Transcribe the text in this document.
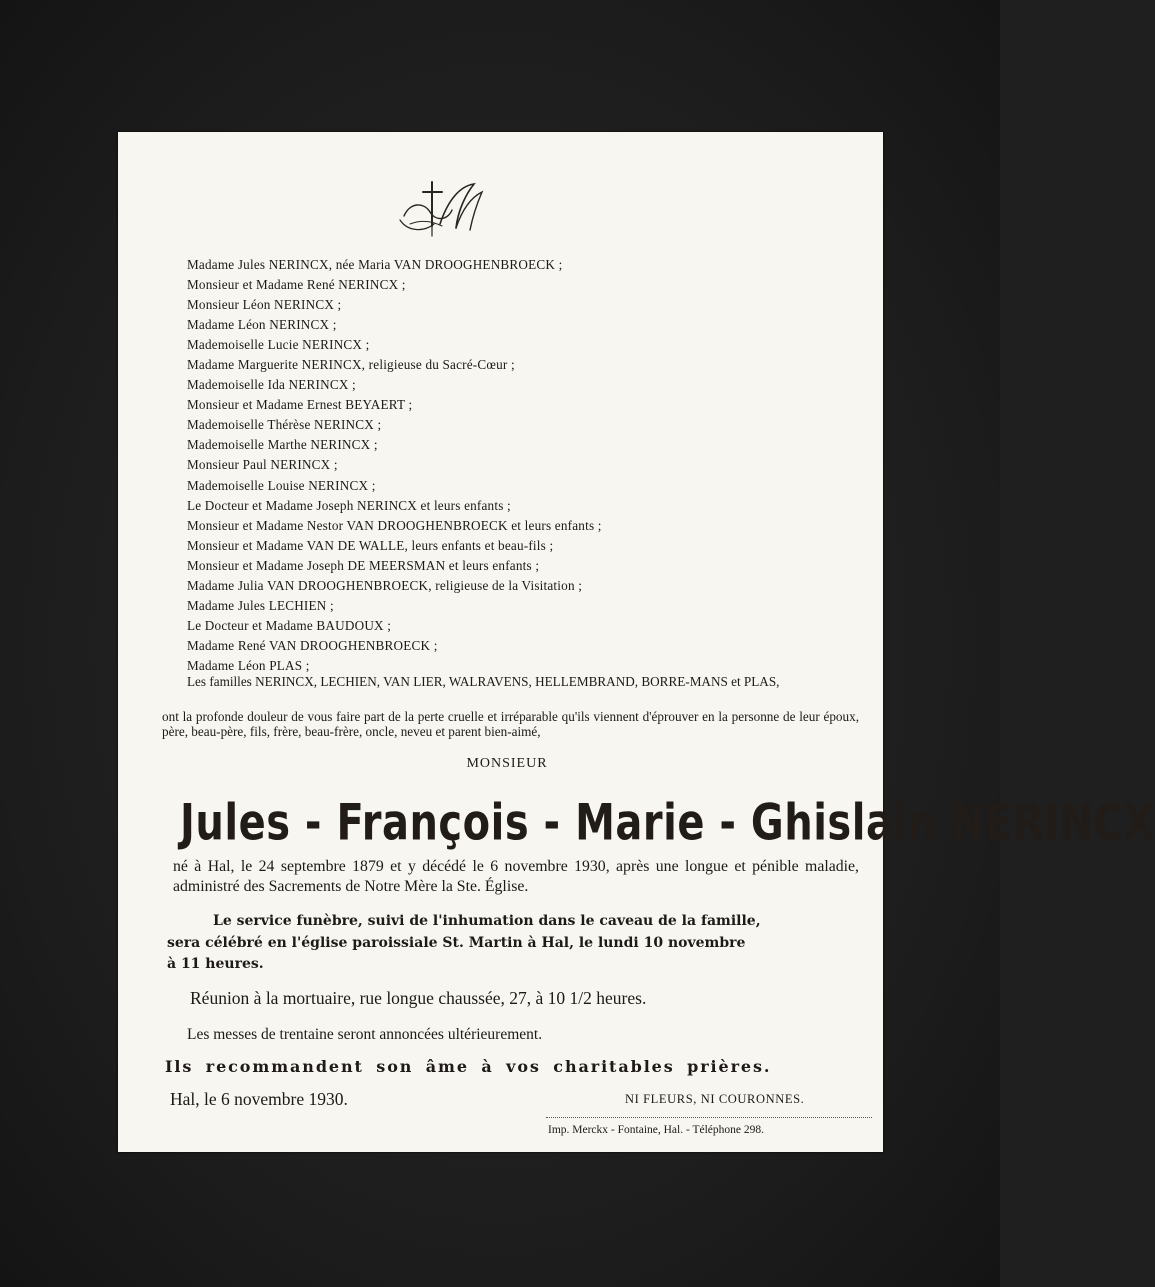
Madame Jules NERINCX, née Maria VAN DROOGHENBROECK ;
Monsieur et Madame René NERINCX ;
Monsieur Léon NERINCX ;
Madame Léon NERINCX ;
Mademoiselle Lucie NERINCX ;
Madame Marguerite NERINCX, religieuse du Sacré-Cœur ;
Mademoiselle Ida NERINCX ;
Monsieur et Madame Ernest BEYAERT ;
Mademoiselle Thérèse NERINCX ;
Mademoiselle Marthe NERINCX ;
Monsieur Paul NERINCX ;
Mademoiselle Louise NERINCX ;
Le Docteur et Madame Joseph NERINCX et leurs enfants ;
Monsieur et Madame Nestor VAN DROOGHENBROECK et leurs enfants ;
Monsieur et Madame VAN DE WALLE, leurs enfants et beau-fils ;
Monsieur et Madame Joseph DE MEERSMAN et leurs enfants ;
Madame Julia VAN DROOGHENBROECK, religieuse de la Visitation ;
Madame Jules LECHIEN ;
Le Docteur et Madame BAUDOUX ;
Madame René VAN DROOGHENBROECK ;
Madame Léon PLAS ;
Les familles NERINCX, LECHIEN, VAN LIER, WALRAVENS, HELLEMBRAND, BORRE-MANS et PLAS,
ont la profonde douleur de vous faire part de la perte cruelle et irréparable qu'ils viennent d'éprouver en la personne de leur époux, père, beau-père, fils, frère, beau-frère, oncle, neveu et parent bien-aimé,
MONSIEUR
Jules - François - Marie - Ghislain NERINCX
né à Hal, le 24 septembre 1879 et y décédé le 6 novembre 1930, après une longue et pénible maladie, administré des Sacrements de Notre Mère la Ste. Église.
Le service funèbre, suivi de l'inhumation dans le caveau de la famille,
sera célébré en l'église paroissiale St. Martin à Hal, le lundi 10 novembre
à 11 heures.
Réunion à la mortuaire, rue longue chaussée, 27, à 10 1/2 heures.
Les messes de trentaine seront annoncées ultérieurement.
Ils recommandent son âme à vos charitables prières.
Hal, le 6 novembre 1930.	NI FLEURS, NI COURONNES.
Imp. Merckx - Fontaine, Hal. - Téléphone 298.
